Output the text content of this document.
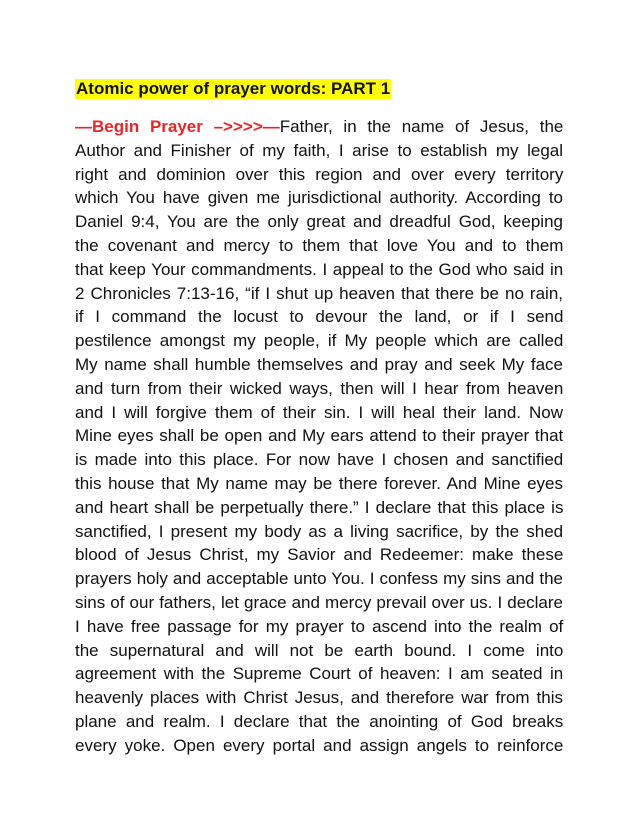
Atomic power of prayer words: PART 1
—Begin Prayer –>>>>—Father, in the name of Jesus, the
Author and Finisher of my faith, I arise to establish my legal
right and dominion over this region and over every territory
which You have given me jurisdictional authority. According to
Daniel 9:4, You are the only great and dreadful God, keeping
the covenant and mercy to them that love You and to them
that keep Your commandments. I appeal to the God who said in
2 Chronicles 7:13-16, “if I shut up heaven that there be no rain,
if I command the locust to devour the land, or if I send
pestilence amongst my people, if My people which are called
My name shall humble themselves and pray and seek My face
and turn from their wicked ways, then will I hear from heaven
and I will forgive them of their sin. I will heal their land. Now
Mine eyes shall be open and My ears attend to their prayer that
is made into this place. For now have I chosen and sanctified
this house that My name may be there forever. And Mine eyes
and heart shall be perpetually there.” I declare that this place is
sanctified, I present my body as a living sacrifice, by the shed
blood of Jesus Christ, my Savior and Redeemer: make these
prayers holy and acceptable unto You. I confess my sins and the
sins of our fathers, let grace and mercy prevail over us. I declare
I have free passage for my prayer to ascend into the realm of
the supernatural and will not be earth bound. I come into
agreement with the Supreme Court of heaven: I am seated in
heavenly places with Christ Jesus, and therefore war from this
plane and realm. I declare that the anointing of God breaks
every yoke. Open every portal and assign angels to reinforce
